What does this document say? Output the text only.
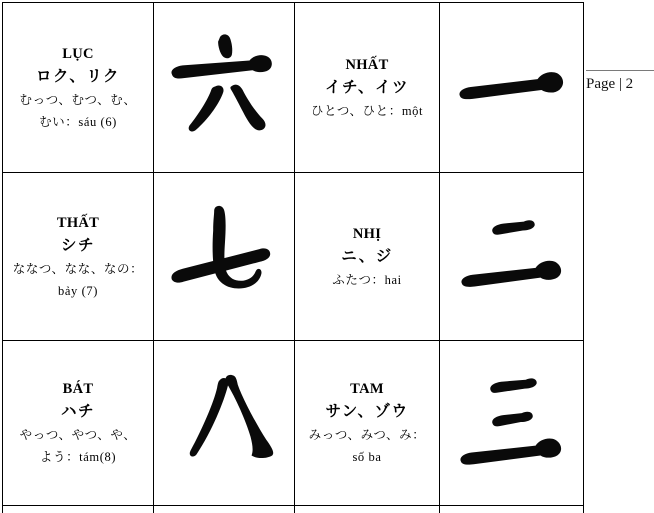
LỤC
ロク、リク
むっつ、むつ、む、
むい：sáu (6)
NHẤT
イチ、イツ
ひとつ、ひと：một
THẤT
シチ
ななつ、なな、なの：
bảy (7)
NHỊ
ニ、ジ
ふたつ：hai
BÁT
ハチ
やっつ、やつ、や、
よう：tám(8)
TAM
サン、ゾウ
みっつ、みつ、み：
số ba
Page | 2
